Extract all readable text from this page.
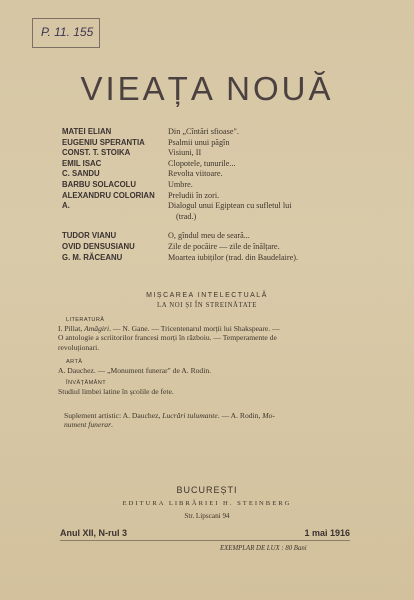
P. 11. 155
VIEAȚA NOUĂ
MATEI ELIAN	Din „Cîntări sfioase".
EUGENIU SPERANTIA	Psalmii unui păgîn
CONST. T. STOIKA	Visiuni, II
EMIL ISAC	Clopotele, tunurile...
C. SANDU	Revolta viitoare.
BARBU SOLACOLU	Umbre.
ALEXANDRU COLORIAN	Preludii în zori.
A.	Dialogul unui Egiptean cu sufletul lui
(trad.)
TUDOR VIANU	O, gîndul meu de seară...
OVID DENSUSIANU	Zile de pocăire — zile de înălțare.
G. M. RĂCEANU	Moartea iubiților (trad. din Baudelaire).
MIȘCAREA INTELECTUALĂ
LA NOI ȘI ÎN STREINĂTATE
LITERATURĂ
I. Pillat, Amăgiri. — N. Gane. — Tricentenarul morții lui Shakspeare. —
O antologie a scriitorilor francesi morți în războiu. — Temperamente de
revoluționari.
ARTĂ
A. Dauchez. — „Monument funerar" de A. Rodin.
ÎNVĂȚĂMÂNT
Studiul limbei latine în școlile de fete.
Suplement artistic: A. Dauchez, Lucrări tulumante. — A. Rodin, Mo-
nument funerar.
BUCUREȘTI
EDITURA LIBRĂRIEI H. STEINBERG
Str. Lipscani 94
Anul XII, N-rul 3	1 mai 1916
EXEMPLAR DE LUX : 80 Bani
